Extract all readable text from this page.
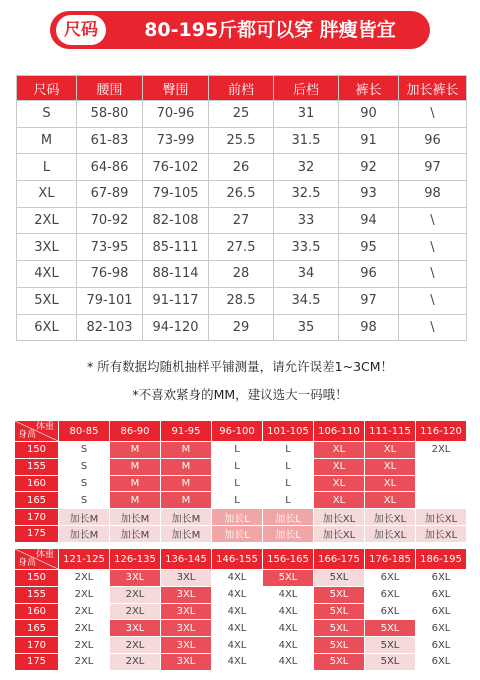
尺码	80-195斤都可以穿 胖瘦皆宜
尺码	腰围	臀围	前档	后档	裤长	加长裤长
S	58-80	70-96	25	31	90	\
M	61-83	73-99	25.5	31.5	91	96
L	64-86	76-102	26	32	92	97
XL	67-89	79-105	26.5	32.5	93	98
2XL	70-92	82-108	27	33	94	\
3XL	73-95	85-111	27.5	33.5	95	\
4XL	76-98	88-114	28	34	96	\
5XL	79-101	91-117	28.5	34.5	97	\
6XL	82-103	94-120	29	35	98	\
* 所有数据均随机抽样平铺测量，请允许误差1~3CM！
*不喜欢紧身的MM，建议选大一码哦！
体重
身高	80-85	86-90	91-95	96-100	101-105	106-110	111-115	116-120
150	S	M	M	L	L	XL	XL	2XL
155	S	M	M	L	L	XL	XL	
160	S	M	M	L	L	XL	XL	
165	S	M	M	L	L	XL	XL	
170	加长M	加长M	加长M	加长L	加长L	加长XL	加长XL	加长XL
175	加长M	加长M	加长M	加长L	加长L	加长XL	加长XL	加长XL
体重
身高	121-125	126-135	136-145	146-155	156-165	166-175	176-185	186-195
150	2XL	3XL	3XL	4XL	5XL	5XL	6XL	6XL
155	2XL	2XL	3XL	4XL	4XL	5XL	6XL	6XL
160	2XL	2XL	3XL	4XL	4XL	5XL	6XL	6XL
165	2XL	3XL	3XL	4XL	4XL	5XL	5XL	6XL
170	2XL	2XL	3XL	4XL	4XL	5XL	5XL	6XL
175	2XL	2XL	3XL	4XL	4XL	5XL	5XL	6XL
